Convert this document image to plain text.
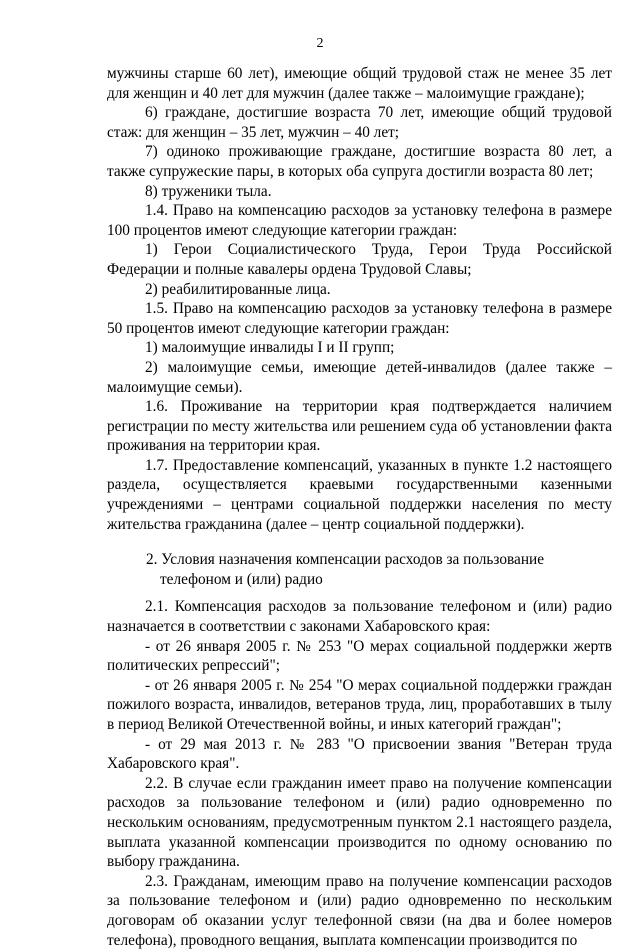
2

мужчины старше 60 лет), имеющие общий трудовой стаж не менее 35 лет для женщин и 40 лет для мужчин (далее также – малоимущие граждане);

6) граждане, достигшие возраста 70 лет, имеющие общий трудовой стаж: для женщин – 35 лет, мужчин – 40 лет;

7) одиноко проживающие граждане, достигшие возраста 80 лет, а также супружеские пары, в которых оба супруга достигли возраста 80 лет;

8) труженики тыла.

1.4. Право на компенсацию расходов за установку телефона в размере 100 процентов имеют следующие категории граждан:

1) Герои Социалистического Труда, Герои Труда Российской Федерации и полные кавалеры ордена Трудовой Славы;

2) реабилитированные лица.

1.5. Право на компенсацию расходов за установку телефона в размере 50 процентов имеют следующие категории граждан:

1) малоимущие инвалиды I и II групп;

2) малоимущие семьи, имеющие детей-инвалидов (далее также – малоимущие семьи).

1.6. Проживание на территории края подтверждается наличием регистрации по месту жительства или решением суда об установлении факта проживания на территории края.

1.7. Предоставление компенсаций, указанных в пункте 1.2 настоящего раздела, осуществляется краевыми государственными казенными учреждениями – центрами социальной поддержки населения по месту жительства гражданина (далее – центр социальной поддержки).

2. Условия назначения компенсации расходов за пользование телефоном и (или) радио

2.1. Компенсация расходов за пользование телефоном и (или) радио назначается в соответствии с законами Хабаровского края:

- от 26 января 2005 г. № 253 "О мерах социальной поддержки жертв политических репрессий";

- от 26 января 2005 г. № 254 "О мерах социальной поддержки граждан пожилого возраста, инвалидов, ветеранов труда, лиц, проработавших в тылу в период Великой Отечественной войны, и иных категорий граждан";

- от 29 мая 2013 г. № 283 "О присвоении звания "Ветеран труда Хабаровского края".

2.2. В случае если гражданин имеет право на получение компенсации расходов за пользование телефоном и (или) радио одновременно по нескольким основаниям, предусмотренным пунктом 2.1 настоящего раздела, выплата указанной компенсации производится по одному основанию по выбору гражданина.

2.3. Гражданам, имеющим право на получение компенсации расходов за пользование телефоном и (или) радио одновременно по нескольким договорам об оказании услуг телефонной связи (на два и более номеров телефона), проводного вещания, выплата компенсации производится по
